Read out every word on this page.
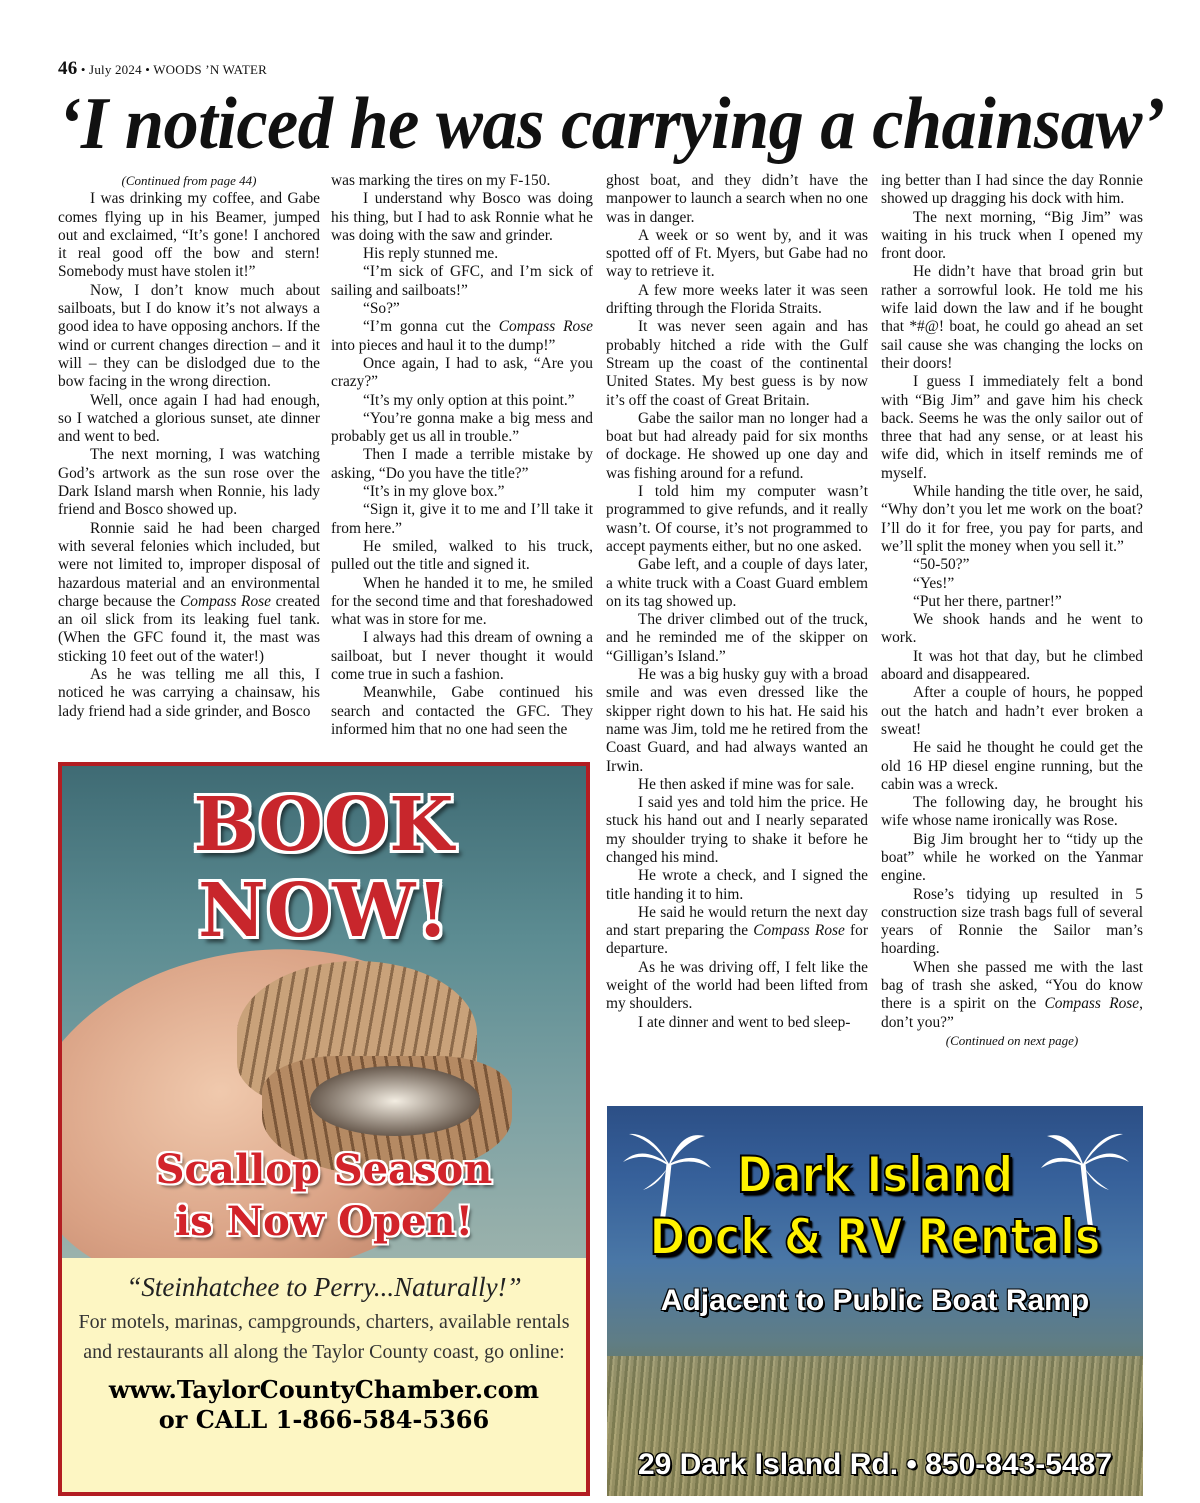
46 • July 2024 • WOODS ’N WATER
‘I noticed he was carrying a chainsaw’

(Continued from page 44)

I was drinking my coffee, and Gabe comes flying up in his Beamer, jumped out and exclaimed, “It’s gone! I anchored it real good off the bow and stern! Somebody must have stolen it!”

Now, I don’t know much about sailboats, but I do know it’s not always a good idea to have opposing anchors. If the wind or current changes direction – and it will – they can be dislodged due to the bow facing in the wrong direction.

Well, once again I had had enough, so I watched a glorious sunset, ate dinner and went to bed.

The next morning, I was watching God’s artwork as the sun rose over the Dark Island marsh when Ronnie, his lady friend and Bosco showed up.

Ronnie said he had been charged with several felonies which included, but were not limited to, improper disposal of hazardous material and an environmental charge because the Compass Rose created an oil slick from its leaking fuel tank. (When the GFC found it, the mast was sticking 10 feet out of the water!)

As he was telling me all this, I noticed he was carrying a chainsaw, his lady friend had a side grinder, and Bosco

was marking the tires on my F-150.

I understand why Bosco was doing his thing, but I had to ask Ronnie what he was doing with the saw and grinder.

His reply stunned me.

“I’m sick of GFC, and I’m sick of sailing and sailboats!”

“So?”

“I’m gonna cut the Compass Rose into pieces and haul it to the dump!”

Once again, I had to ask, “Are you crazy?”

“It’s my only option at this point.”

“You’re gonna make a big mess and probably get us all in trouble.”

Then I made a terrible mistake by asking, “Do you have the title?”

“It’s in my glove box.”

“Sign it, give it to me and I’ll take it from here.”

He smiled, walked to his truck, pulled out the title and signed it.

When he handed it to me, he smiled for the second time and that foreshadowed what was in store for me.

I always had this dream of owning a sailboat, but I never thought it would come true in such a fashion.

Meanwhile, Gabe continued his search and contacted the GFC. They informed him that no one had seen the

ghost boat, and they didn’t have the manpower to launch a search when no one was in danger.

A week or so went by, and it was spotted off of Ft. Myers, but Gabe had no way to retrieve it.

A few more weeks later it was seen drifting through the Florida Straits.

It was never seen again and has probably hitched a ride with the Gulf Stream up the coast of the continental United States. My best guess is by now it’s off the coast of Great Britain.

Gabe the sailor man no longer had a boat but had already paid for six months of dockage. He showed up one day and was fishing around for a refund.

I told him my computer wasn’t programmed to give refunds, and it really wasn’t. Of course, it’s not programmed to accept payments either, but no one asked.

Gabe left, and a couple of days later, a white truck with a Coast Guard emblem on its tag showed up.

The driver climbed out of the truck, and he reminded me of the skipper on “Gilligan’s Island.”

He was a big husky guy with a broad smile and was even dressed like the skipper right down to his hat. He said his name was Jim, told me he retired from the Coast Guard, and had always wanted an Irwin.

He then asked if mine was for sale.

I said yes and told him the price. He stuck his hand out and I nearly separated my shoulder trying to shake it before he changed his mind.

He wrote a check, and I signed the title handing it to him.

He said he would return the next day and start preparing the Compass Rose for departure.

As he was driving off, I felt like the weight of the world had been lifted from my shoulders.

I ate dinner and went to bed sleep-

ing better than I had since the day Ronnie showed up dragging his dock with him.

The next morning, “Big Jim” was waiting in his truck when I opened my front door.

He didn’t have that broad grin but rather a sorrowful look. He told me his wife laid down the law and if he bought that *#@! boat, he could go ahead an set sail cause she was changing the locks on their doors!

I guess I immediately felt a bond with “Big Jim” and gave him his check back. Seems he was the only sailor out of three that had any sense, or at least his wife did, which in itself reminds me of myself.

While handing the title over, he said, “Why don’t you let me work on the boat? I’ll do it for free, you pay for parts, and we’ll split the money when you sell it.”

“50-50?”

“Yes!”

“Put her there, partner!”

We shook hands and he went to work.

It was hot that day, but he climbed aboard and disappeared.

After a couple of hours, he popped out the hatch and hadn’t ever broken a sweat!

He said he thought he could get the old 16 HP diesel engine running, but the cabin was a wreck.

The following day, he brought his wife whose name ironically was Rose.

Big Jim brought her to “tidy up the boat” while he worked on the Yanmar engine.

Rose’s tidying up resulted in 5 construction size trash bags full of several years of Ronnie the Sailor man’s hoarding.

When she passed me with the last bag of trash she asked, “You do know there is a spirit on the Compass Rose, don’t you?”

(Continued on next page)

BOOK NOW!
Scallop Season
is Now Open!
“Steinhatchee to Perry...Naturally!”
For motels, marinas, campgrounds, charters, available rentals and restaurants all along the Taylor County coast, go online:
www.TaylorCountyChamber.com
or CALL 1-866-584-5366
Dark Island
Dock & RV Rentals
Adjacent to Public Boat Ramp
29 Dark Island Rd. • 850-843-5487
